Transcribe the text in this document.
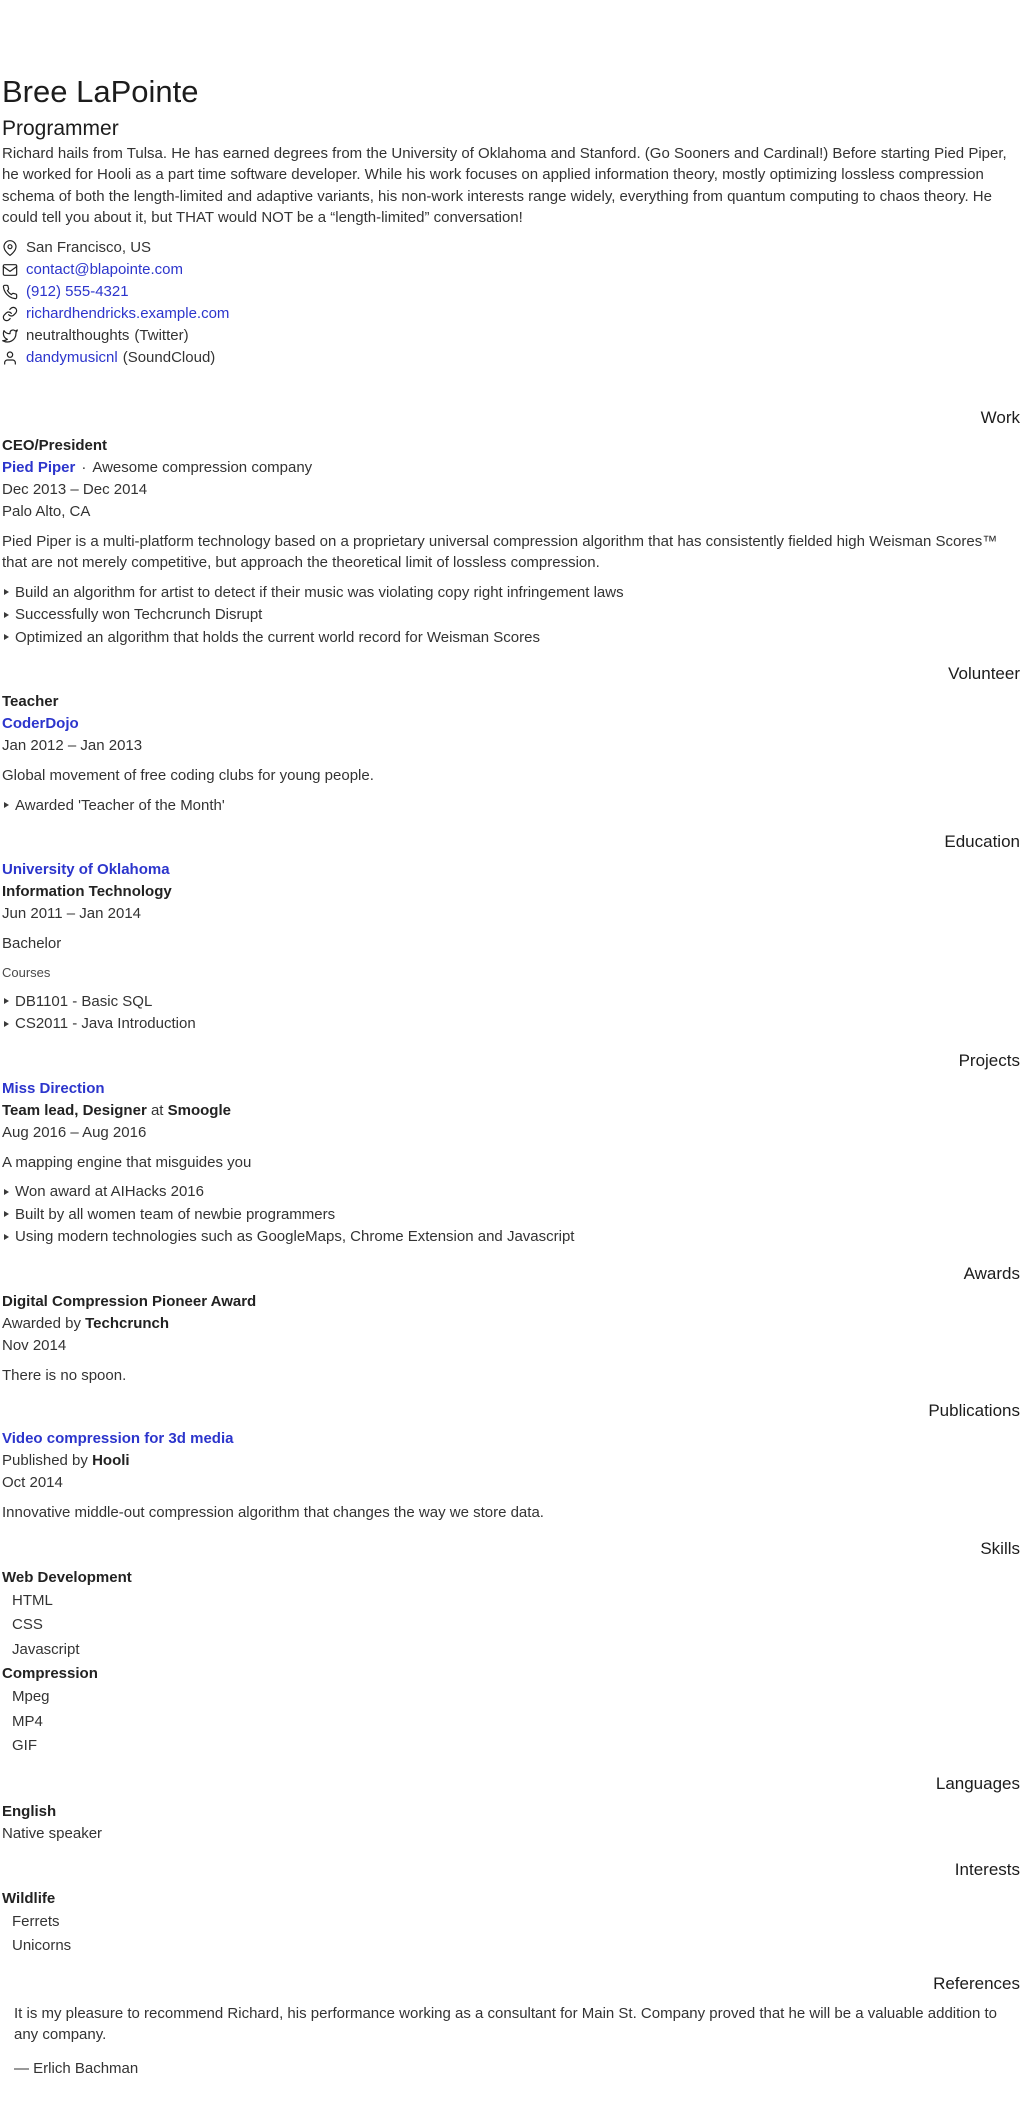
Bree LaPointe
Programmer

Richard hails from Tulsa. He has earned degrees from the University of Oklahoma and Stanford. (Go Sooners and Cardinal!) Before starting Pied Piper, he worked for Hooli as a part time software developer. While his work focuses on applied information theory, mostly optimizing lossless compression schema of both the length-limited and adaptive variants, his non-work interests range widely, everything from quantum computing to chaos theory. He could tell you about it, but THAT would NOT be a “length-limited” conversation!

San Francisco, US
contact@blapointe.com
(912) 555-4321
richardhendricks.example.com
neutralthoughts (Twitter)
dandymusicnl (SoundCloud)
Work
CEO/President
Pied Piper · Awesome compression company
Dec 2013 – Dec 2014
Palo Alto, CA

Pied Piper is a multi-platform technology based on a proprietary universal compression algorithm that has consistently fielded high Weisman Scores™ that are not merely competitive, but approach the theoretical limit of lossless compression.

Build an algorithm for artist to detect if their music was violating copy right infringement laws
Successfully won Techcrunch Disrupt
Optimized an algorithm that holds the current world record for Weisman Scores
Volunteer
Teacher
CoderDojo
Jan 2012 – Jan 2013

Global movement of free coding clubs for young people.

Awarded 'Teacher of the Month'
Education
University of Oklahoma
Information Technology
Jun 2011 – Jan 2014

Bachelor

Courses
DB1101 - Basic SQL
CS2011 - Java Introduction
Projects
Miss Direction
Team lead, Designer at Smoogle
Aug 2016 – Aug 2016

A mapping engine that misguides you

Won award at AIHacks 2016
Built by all women team of newbie programmers
Using modern technologies such as GoogleMaps, Chrome Extension and Javascript
Awards
Digital Compression Pioneer Award
Awarded by Techcrunch
Nov 2014

There is no spoon.

Publications
Video compression for 3d media
Published by Hooli
Oct 2014

Innovative middle-out compression algorithm that changes the way we store data.

Skills
Web Development
HTML
CSS
Javascript
Compression
Mpeg
MP4
GIF
Languages
English
Native speaker
Interests
Wildlife
Ferrets
Unicorns
References
It is my pleasure to recommend Richard, his performance working as a consultant for Main St. Company proved that he will be a valuable addition to any company.
— Erlich Bachman
